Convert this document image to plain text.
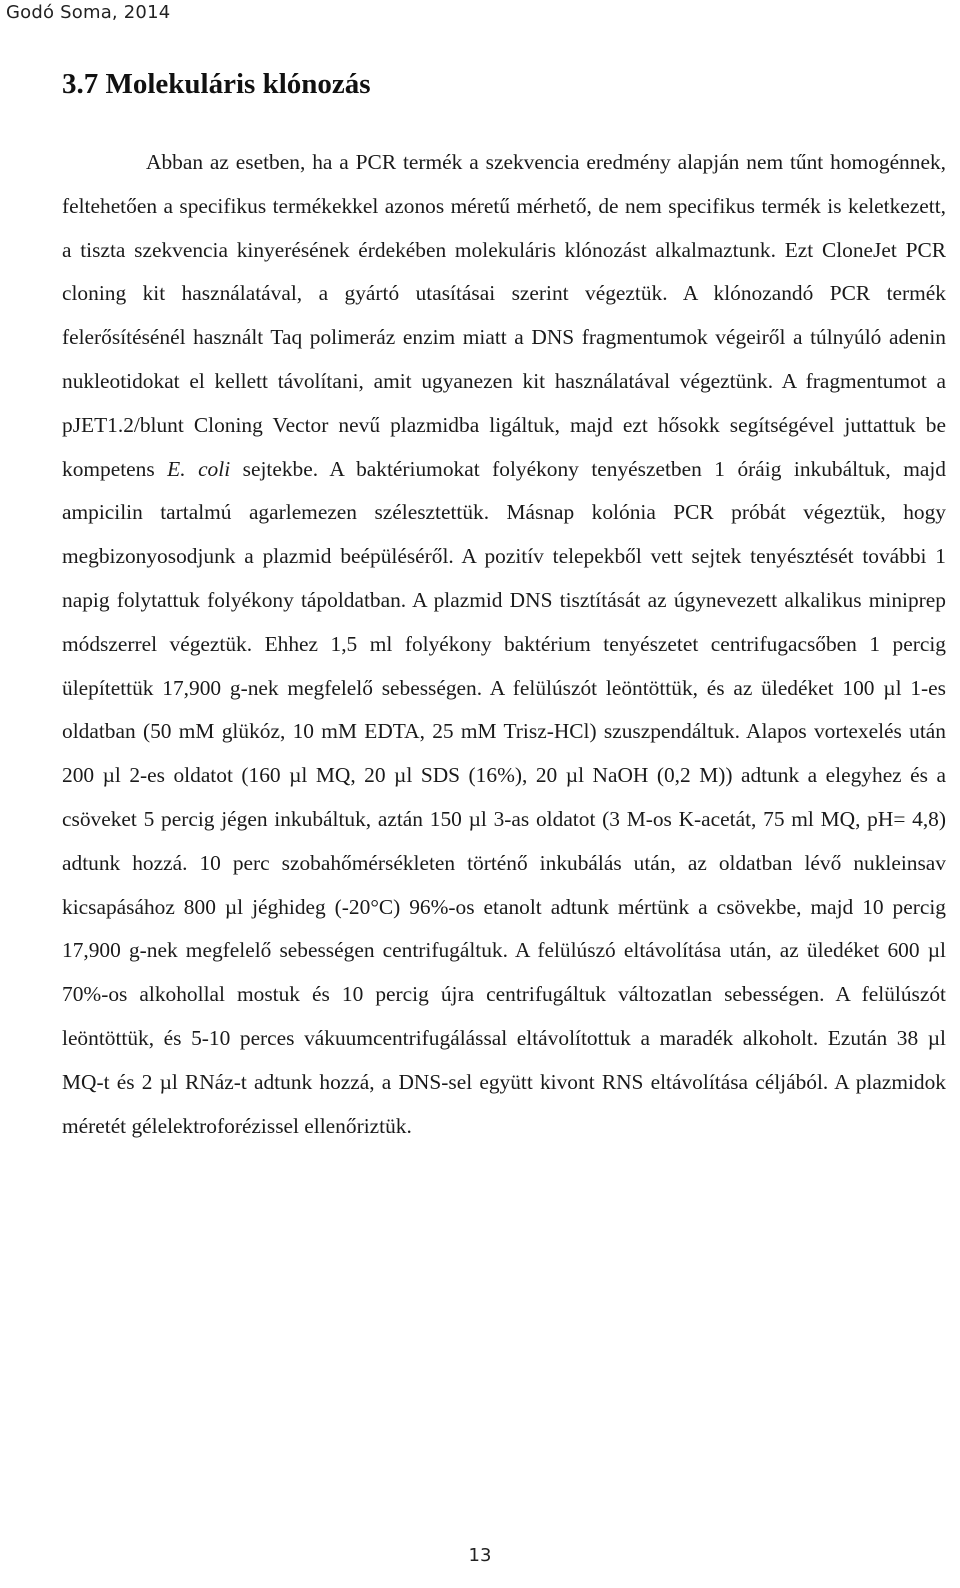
Godó Soma, 2014
3.7 Molekuláris klónozás

Abban az esetben, ha a PCR termék a szekvencia eredmény alapján nem tűnt homogénnek, feltehetően a specifikus termékekkel azonos méretű mérhető, de nem specifikus termék is keletkezett, a tiszta szekvencia kinyerésének érdekében molekuláris klónozást alkalmaztunk. Ezt CloneJet PCR cloning kit használatával, a gyártó utasításai szerint végeztük. A klónozandó PCR termék felerősítésénél használt Taq polimeráz enzim miatt a DNS fragmentumok végeiről a túlnyúló adenin nukleotidokat el kellett távolítani, amit ugyanezen kit használatával végeztünk. A fragmentumot a pJET1.2/blunt Cloning Vector nevű plazmidba ligáltuk, majd ezt hősokk segítségével juttattuk be kompetens E. coli sejtekbe. A baktériumokat folyékony tenyészetben 1 óráig inkubáltuk, majd ampicilin tartalmú agarlemezen szélesztettük. Másnap kolónia PCR próbát végeztük, hogy megbizonyosodjunk a plazmid beépüléséről. A pozitív telepekből vett sejtek tenyésztését további 1 napig folytattuk folyékony tápoldatban. A plazmid DNS tisztítását az úgynevezett alkalikus miniprep módszerrel végeztük. Ehhez 1,5 ml folyékony baktérium tenyészetet centrifugacsőben 1 percig ülepítettük 17,900 g-nek megfelelő sebességen. A felülúszót leöntöttük, és az üledéket 100 µl 1-es oldatban (50 mM glükóz, 10 mM EDTA, 25 mM Trisz-HCl) szuszpendáltuk. Alapos vortexelés után 200 µl 2-es oldatot (160 µl MQ, 20 µl SDS (16%), 20 µl NaOH (0,2 M)) adtunk a elegyhez és a csöveket 5 percig jégen inkubáltuk, aztán 150 µl 3-as oldatot (3 M-os K-acetát, 75 ml MQ, pH= 4,8) adtunk hozzá. 10 perc szobahőmérsékleten történő inkubálás után, az oldatban lévő nukleinsav kicsapásához 800 µl jéghideg (-20°C) 96%-os etanolt adtunk mértünk a csövekbe, majd 10 percig 17,900 g-nek megfelelő sebességen centrifugáltuk. A felülúszó eltávolítása után, az üledéket 600 µl 70%-os alkohollal mostuk és 10 percig újra centrifugáltuk változatlan sebességen. A felülúszót leöntöttük, és 5-10 perces vákuumcentrifugálással eltávolítottuk a maradék alkoholt. Ezután 38 µl MQ-t és 2 µl RNáz-t adtunk hozzá, a DNS-sel együtt kivont RNS eltávolítása céljából. A plazmidok méretét gélelektroforézissel ellenőriztük.

13
